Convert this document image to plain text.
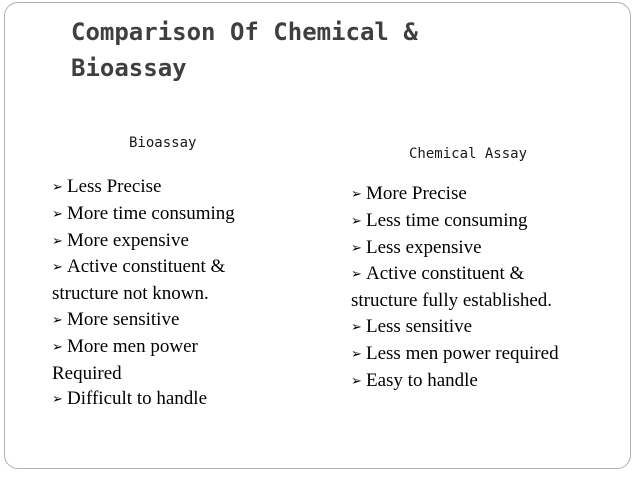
Comparison Of Chemical &
Bioassay
Bioassay
Chemical Assay
➢ Less Precise
➢ More time consuming
➢ More expensive
➢ Active constituent &
structure not known.
➢ More sensitive
➢ More men power
Required
➢ Difficult to handle
➢ More Precise
➢ Less time consuming
➢ Less expensive
➢ Active constituent &
structure fully established.
➢ Less sensitive
➢ Less men power required
➢ Easy to handle
